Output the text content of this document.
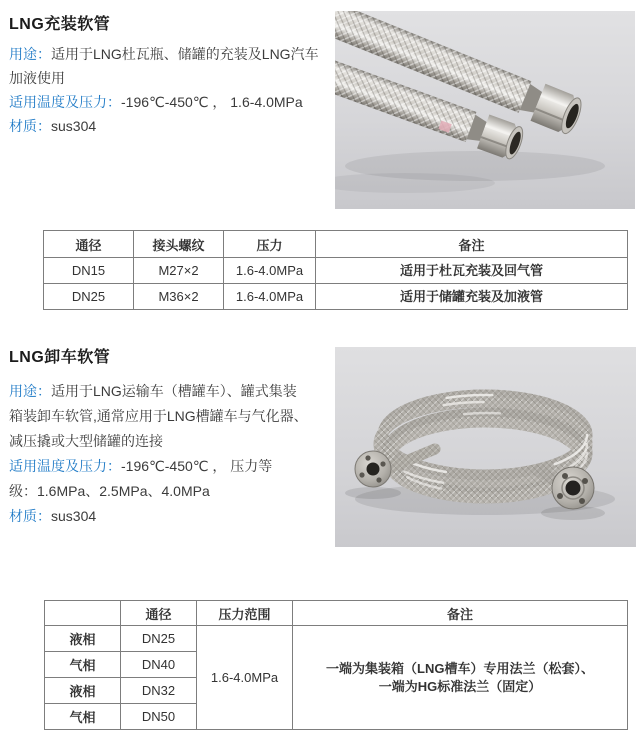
LNG充装软管
用途：适用于LNG杜瓦瓶、储罐的充装及LNG汽车
加液使用
适用温度及压力：-196℃-450℃ ， 1.6-4.0MPa
材质：sus304
通径	接头螺纹	压力	备注
DN15	M27×2	1.6-4.0MPa	适用于杜瓦充装及回气管
DN25	M36×2	1.6-4.0MPa	适用于储罐充装及加液管
LNG卸车软管
用途：适用于LNG运输车（槽罐车）、罐式集装
箱装卸车软管,通常应用于LNG槽罐车与气化器、
减压撬或大型储罐的连接
适用温度及压力：-196℃-450℃ ， 压力等
级：1.6MPa、2.5MPa、4.0MPa
材质：sus304
	通径	压力范围	备注
液相	DN25	1.6-4.0MPa	一端为集装箱（LNG槽车）专用法兰（松套）、
一端为HG标准法兰（固定）

气相	DN40		
液相	DN32		
气相	DN50		
